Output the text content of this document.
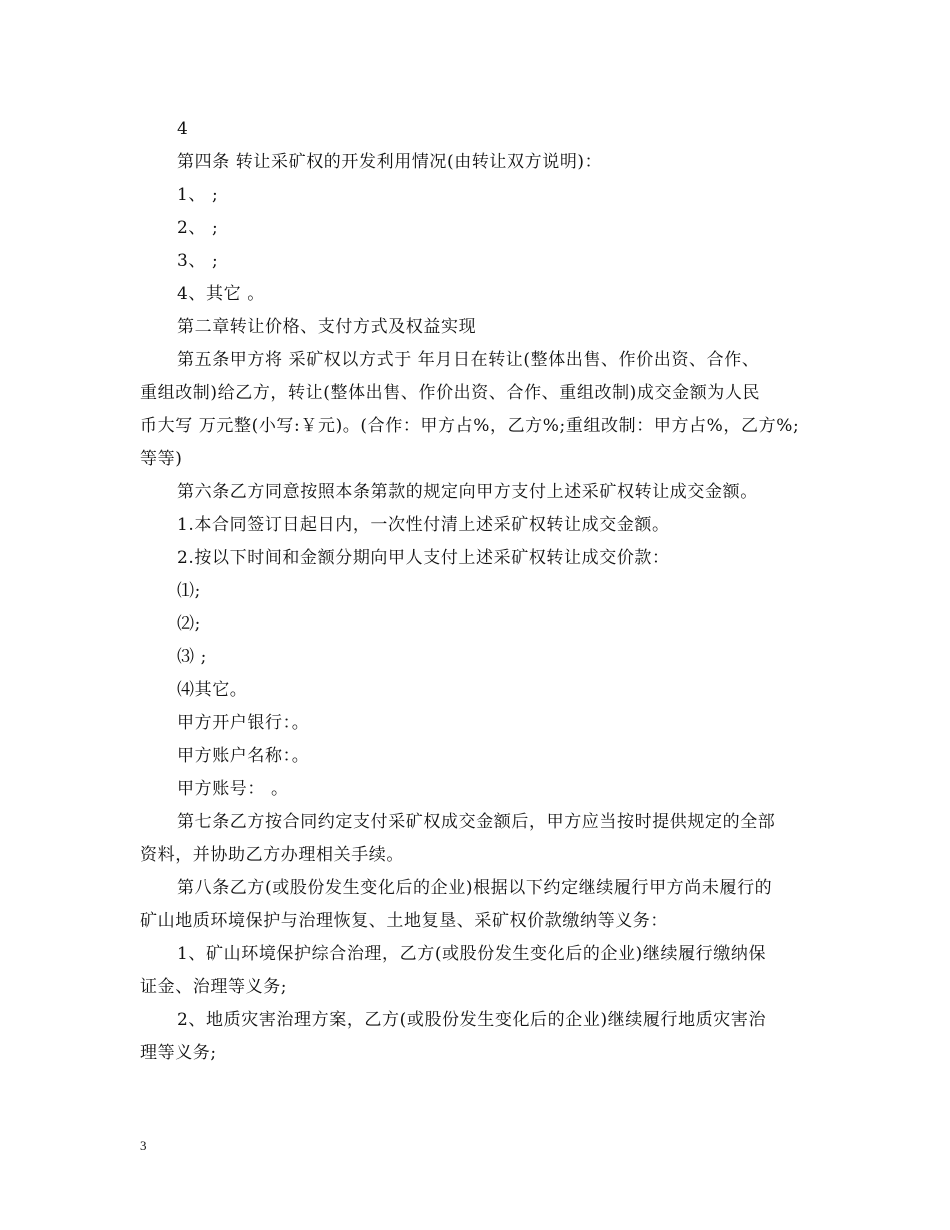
4
第四条 转让采矿权的开发利用情况(由转让双方说明)：
1、 ;
2、 ;
3、 ;
4、其它 。
第二章转让价格、支付方式及权益实现
第五条甲方将 采矿权以方式于 年月日在转让(整体出售、作价出资、合作、
重组改制)给乙方，转让(整体出售、作价出资、合作、重组改制)成交金额为人民
币大写 万元整(小写:￥元)。(合作：甲方占%，乙方%;重组改制：甲方占%，乙方%;
等等)
第六条乙方同意按照本条第款的规定向甲方支付上述采矿权转让成交金额。
1.本合同签订日起日内，一次性付清上述采矿权转让成交金额。
2.按以下时间和金额分期向甲人支付上述采矿权转让成交价款：
⑴;
⑵;
⑶ ;
⑷其它。
甲方开户银行：。
甲方账户名称：。
甲方账号： 。
第七条乙方按合同约定支付采矿权成交金额后，甲方应当按时提供规定的全部
资料，并协助乙方办理相关手续。
第八条乙方(或股份发生变化后的企业)根据以下约定继续履行甲方尚未履行的
矿山地质环境保护与治理恢复、土地复垦、采矿权价款缴纳等义务：
1、矿山环境保护综合治理，乙方(或股份发生变化后的企业)继续履行缴纳保
证金、治理等义务;
2、地质灾害治理方案，乙方(或股份发生变化后的企业)继续履行地质灾害治
理等义务;
3
